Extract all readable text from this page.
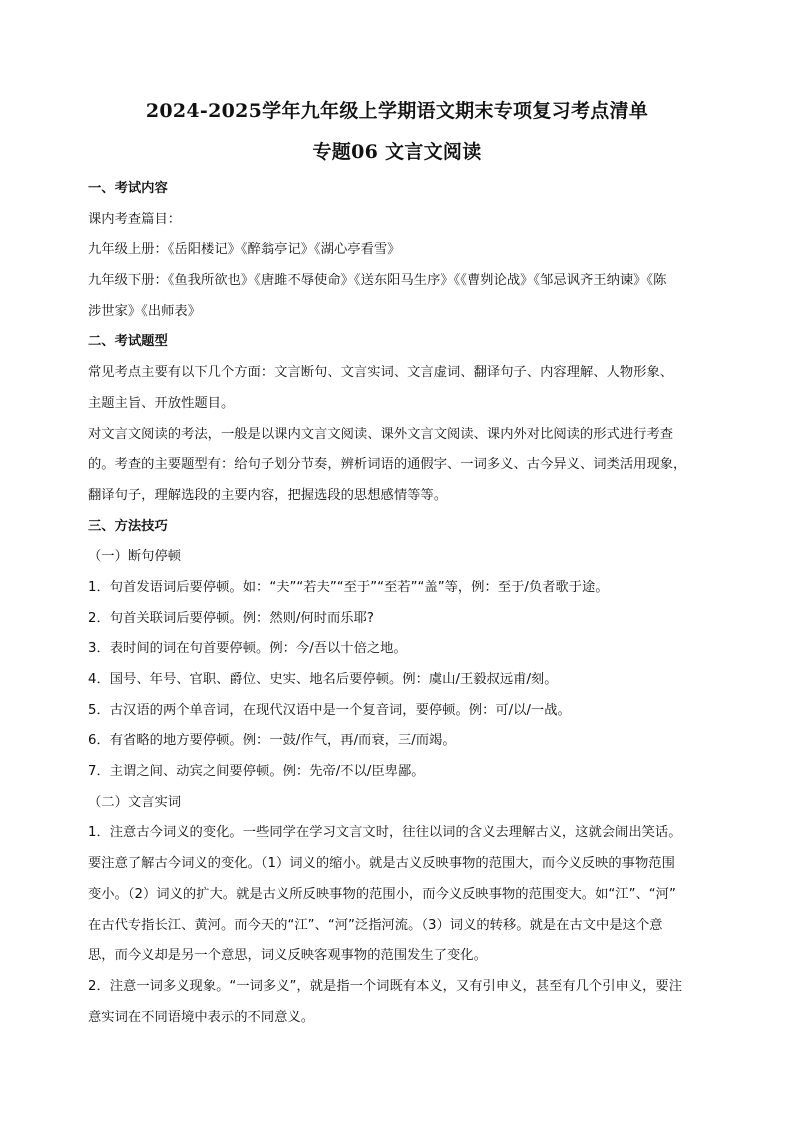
2024-2025学年九年级上学期语文期末专项复习考点清单
专题06 文言文阅读
一、考试内容
课内考查篇目：
九年级上册：《岳阳楼记》《醉翁亭记》《湖心亭看雪》
九年级下册：《鱼我所欲也》《唐雎不辱使命》《送东阳马生序》《《曹刿论战》《邹忌讽齐王纳谏》《陈
涉世家》《出师表》
二、考试题型
常见考点主要有以下几个方面：文言断句、文言实词、文言虚词、翻译句子、内容理解、人物形象、
主题主旨、开放性题目。
对文言文阅读的考法，一般是以课内文言文阅读、课外文言文阅读、课内外对比阅读的形式进行考查
的。考查的主要题型有：给句子划分节奏，辨析词语的通假字、一词多义、古今异义、词类活用现象，
翻译句子，理解选段的主要内容，把握选段的思想感情等等。
三、方法技巧
（一）断句停顿
1．句首发语词后要停顿。如：“夫”“若夫”“至于”“至若”“盖”等，例：至于/负者歌于途。
2．句首关联词后要停顿。例：然则/何时而乐耶?
3．表时间的词在句首要停顿。例：今/吾以十倍之地。
4．国号、年号、官职、爵位、史实、地名后要停顿。例：虞山/王毅叔远甫/刻。
5．古汉语的两个单音词，在现代汉语中是一个复音词，要停顿。例：可/以/一战。
6．有省略的地方要停顿。例：一鼓/作气，再/而衰，三/而竭。
7．主谓之间、动宾之间要停顿。例：先帝/不以/臣卑鄙。
（二）文言实词
1．注意古今词义的变化。一些同学在学习文言文时，往往以词的含义去理解古义，这就会闹出笑话。
要注意了解古今词义的变化。（1）词义的缩小。就是古义反映事物的范围大，而今义反映的事物范围
变小。（2）词义的扩大。就是古义所反映事物的范围小，而今义反映事物的范围变大。如“江”、“河”
在古代专指长江、黄河。而今天的“江”、“河”泛指河流。（3）词义的转移。就是在古文中是这个意
思，而今义却是另一个意思，词义反映客观事物的范围发生了变化。
2．注意一词多义现象。“一词多义”，就是指一个词既有本义，又有引申义，甚至有几个引申义，要注
意实词在不同语境中表示的不同意义。
